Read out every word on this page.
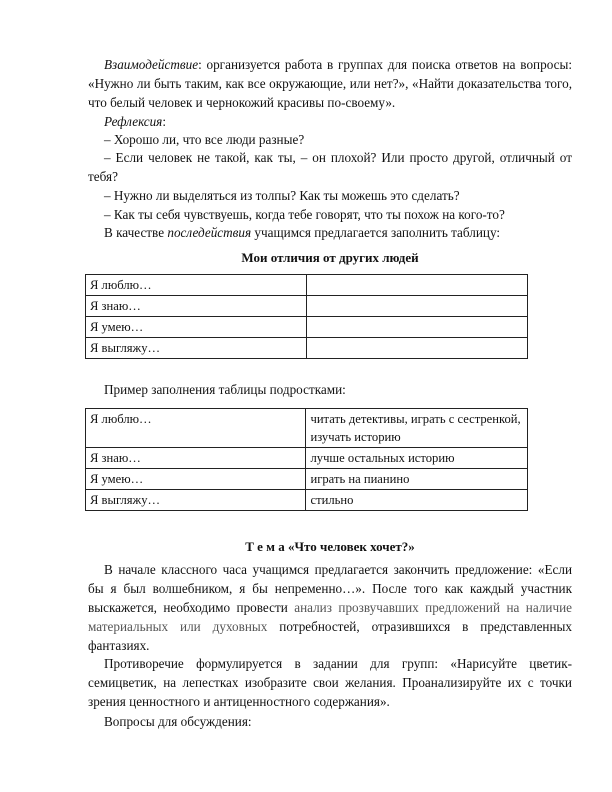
Взаимодействие: организуется работа в группах для поиска ответов на вопросы: «Нужно ли быть таким, как все окружающие, или нет?», «Найти доказательства того, что белый человек и чернокожий красивы по-своему».

Рефлексия:
– Хорошо ли, что все люди разные?

– Если человек не такой, как ты, – он плохой? Или просто другой, отличный от тебя?

– Нужно ли выделяться из толпы? Как ты можешь это сделать?
– Как ты себя чувствуешь, когда тебе говорят, что ты похож на кого-то?
В качестве последействия учащимся предлагается заполнить таблицу:
Мои отличия от других людей
Я люблю…	
Я знаю…	
Я умею…	
Я выгляжу…	
Пример заполнения таблицы подростками:
Я люблю…	читать детективы, играть с сестренкой, изучать историю
Я знаю…	лучше остальных историю
Я умею…	играть на пианино
Я выгляжу…	стильно
Т е м а «Что человек хочет?»

В начале классного часа учащимся предлагается закончить предложение: «Если бы я был волшебником, я бы непременно…». После того как каждый участник выскажется, необходимо провести анализ прозвучавших предложений на наличие материальных или духовных потребностей, отразившихся в представленных фантазиях.

Противоречие формулируется в задании для групп: «Нарисуйте цветик-семицветик, на лепестках изобразите свои желания. Проанализируйте их с точки зрения ценностного и антиценностного содержания».

Вопросы для обсуждения:
